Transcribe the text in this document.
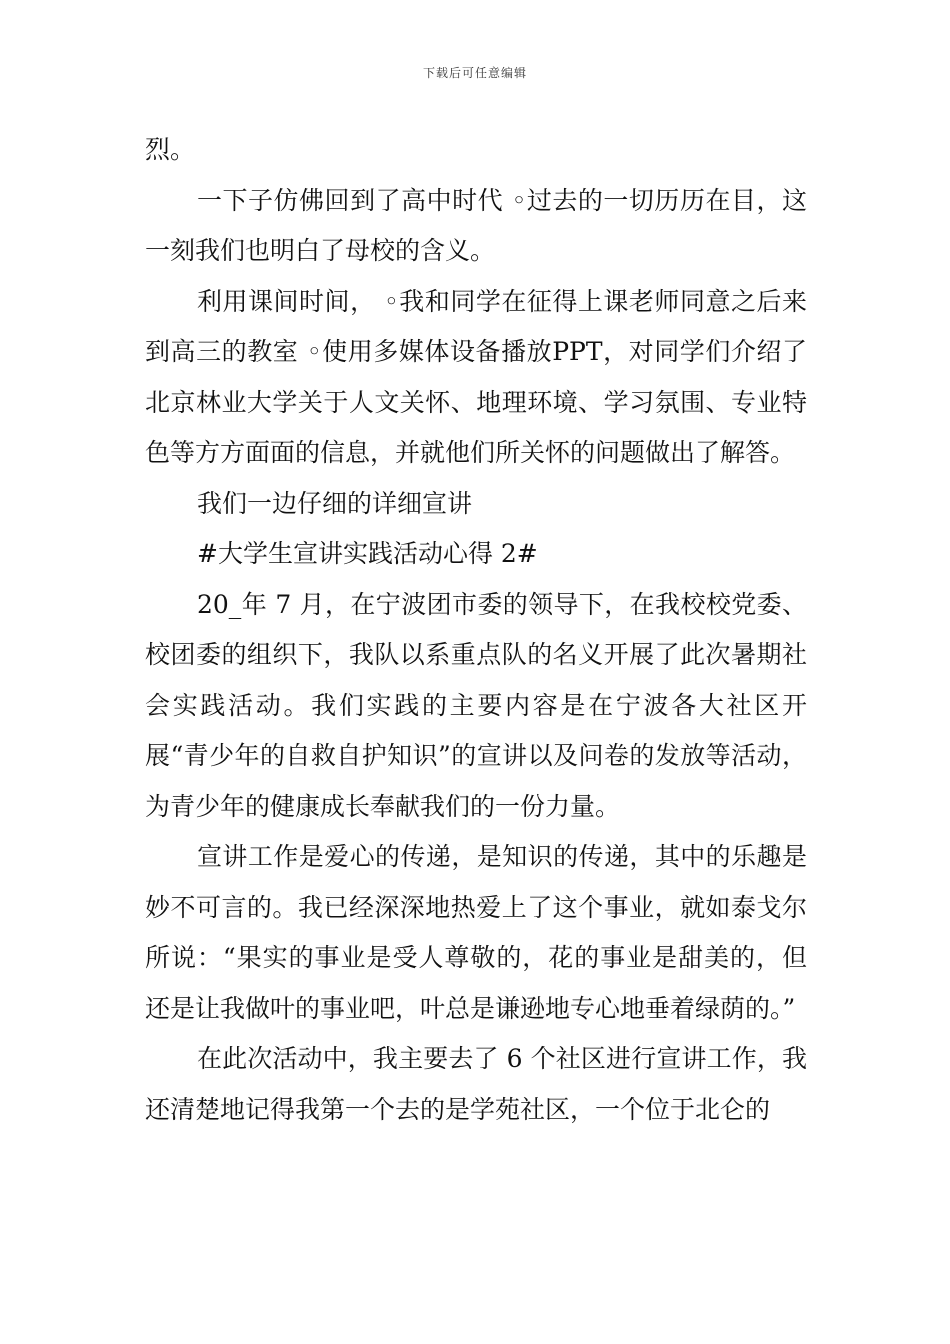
下载后可任意编辑

烈。

一下子仿佛回到了高中时代 ◦过去的一切历历在目，这一刻我们也明白了母校的含义。

利用课间时间， ◦我和同学在征得上课老师同意之后来到高三的教室 ◦使用多媒体设备播放PPT，对同学们介绍了北京林业大学关于人文关怀、地理环境、学习氛围、专业特色等方方面面的信息，并就他们所关怀的问题做出了解答。

我们一边仔细的详细宣讲

#大学生宣讲实践活动心得 2#

20_年 7 月，在宁波团市委的领导下，在我校校党委、校团委的组织下，我队以系重点队的名义开展了此次暑期社会实践活动。我们实践的主要内容是在宁波各大社区开展“青少年的自救自护知识”的宣讲以及问卷的发放等活动，为青少年的健康成长奉献我们的一份力量。

宣讲工作是爱心的传递，是知识的传递，其中的乐趣是妙不可言的。我已经深深地热爱上了这个事业，就如泰戈尔所说：“果实的事业是受人尊敬的，花的事业是甜美的，但还是让我做叶的事业吧，叶总是谦逊地专心地垂着绿荫的。”

在此次活动中，我主要去了 6 个社区进行宣讲工作，我还清楚地记得我第一个去的是学苑社区，一个位于北仑的
